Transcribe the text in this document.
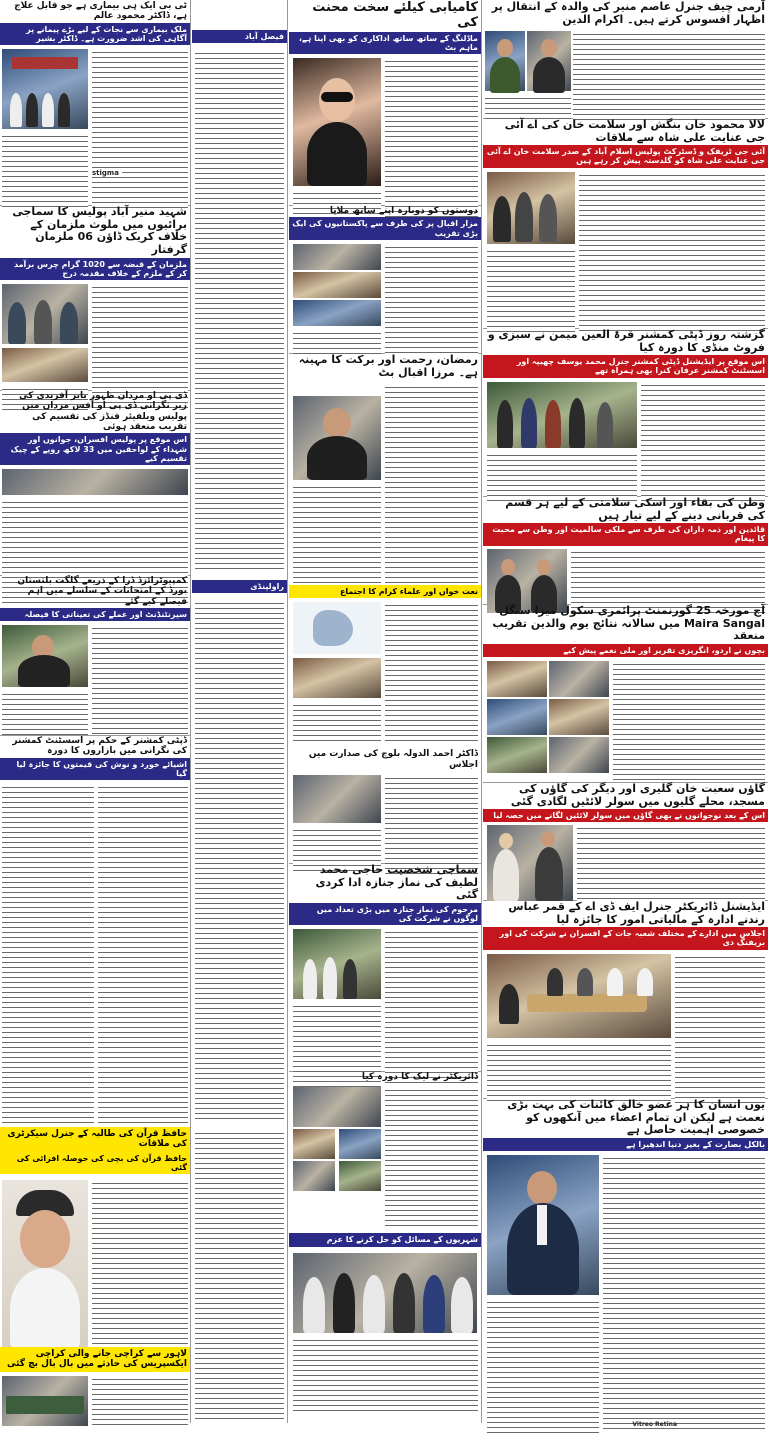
آرمی چیف جنرل عاصم منیر کی والدہ کے انتقال پر اظہار افسوس کرتے ہیں۔ اکرام الدین
لالا محمود خان بنگش اور سلامت خان کی اے آئی جی عنایت علی شاہ سے ملاقات
آئی جی ٹریفک و ڈسٹرکٹ پولیس اسلام آباد کے صدر سلامت خان اے آئی جی عنایت علی شاہ کو گلدستہ پیش کر رہے ہیں
گزشتہ روز ڈپٹی کمشنر قرۃ العین میمن نے سبزی و فروٹ منڈی کا دورہ کیا
اس موقع پر ایڈیشنل ڈپٹی کمشنر جنرل محمد یوسف چھیپہ اور اسسٹنٹ کمشنر عرفان کنرا بھی ہمراہ تھے
وطن کی بقاء اور اسکی سلامتی کے لیے ہر قسم کی قربانی دینے کے لیے تیار ہیں
قائدین اور ذمہ داران کی طرف سے ملکی سالمیت اور وطن سے محبت کا پیغام
آج مورخہ 25 گورنمنٹ پرائمری سکول میرا سنگل Maira Sangal میں سالانہ نتائج یوم والدین تقریب منعقد
بچوں نے اردو، انگریزی تقریر اور ملی نغمے پیش کیے
گاؤں سعبت خان گلیری اور دیگر کی گاؤں کی مسجد، محلے گلیوں میں سولر لائٹیں لگادی گئی
اس کے بعد نوجوانوں نے بھی گاؤں میں سولر لائٹیں لگانے میں حصہ لیا
ایڈیشنل ڈائریکٹر جنرل ایف ڈی اے کے قمر عباس رندنے ادارہ کے مالیاتی امور کا جائزہ لیا
اجلاس میں ادارے کے مختلف شعبہ جات کے افسران نے شرکت کی اور بریفنگ دی
یوں انسان کا ہر عضو خالق کائنات کی بہت بڑی نعمت ہے لیکن ان تمام اعضاء میں آنکھوں کو خصوصی اہمیت حاصل ہے
بالکل بصارت کے بغیر دنیا اندھیرا ہے
Vitreo Retina
کامیابی کیلئے سخت محنت کی
ماڈلنگ کے ساتھ ساتھ اداکاری کو بھی اپنا ہے، ماہم بٹ
دوستوں کو دوبارہ اپنے ساتھ ملایا
مزار اقبال پر کی طرف سے پاکستانیوں کی ایک بڑی تقریب
رمضان، رحمت اور برکت کا مہینہ ہے۔ مرزا اقبال بٹ
نعت خواں اور علماء کرام کا اجتماع
ڈاکٹر احمد الدولہ بلوچ کی صدارت میں اجلاس
سماجی شخصیت حاجی محمد لطیف کی نماز جنازہ ادا کردی گئی
مرحوم کی نماز جنازہ میں بڑی تعداد میں لوگوں نے شرکت کی
ڈائریکٹر نے لیک کا دورہ کیا
شہریوں کے مسائل کو حل کرنے کا عزم
فیصل آباد
راولپنڈی
ٹی بی ایک ہی بیماری ہے جو قابل علاج ہے، ڈاکٹر محمود عالم
ملک بیماری سے نجات کے لیے بڑے پیمانے پر آگاہی کی اشد ضرورت ہے۔ ڈاکٹر بشیر
stigma
شہید منیر آباد پولیس کا سماجی برائیوں میں ملوث ملزمان کے خلاف کریک ڈاؤن 06 ملزمان گرفتار
ملزمان کے قبضہ سے 1020 گرام چرس برآمد کر کے ملزم کے خلاف مقدمہ درج
ڈی پی او مردان ظہور بابر آفریدی کی زیر نگرانی ڈی پی او آفس مردان میں پولیس ویلفیئر فنڈز کی تقسیم کی تقریب منعقد ہوئی
اس موقع پر پولیس افسران، جوانوں اور شہداء کے لواحقین میں 33 لاکھ روپے کے چیک تقسیم کیے
کمپیوٹرائزڈ ڈرا کے ذریعے گلگت بلتستان بورڈ کے امتحانات کے سلسلے میں اہم فیصلے کیے گئے
سپرنٹنڈنٹ اور عملے کی تعیناتی کا فیصلہ
ڈپٹی کمشنر کے حکم پر اسسٹنٹ کمشنر کی نگرانی میں بازاروں کا دورہ
اشیائے خورد و نوش کی قیمتوں کا جائزہ لیا گیا
حافظ قرآن کی طالبہ کے جنرل سیکرٹری کی ملاقات
حافظ قرآن کی بچی کی حوصلہ افزائی کی گئی
لاہور سے کراچی جانے والی کراچی ایکسپریس کی حادثے میں بال بال بچ گئی
